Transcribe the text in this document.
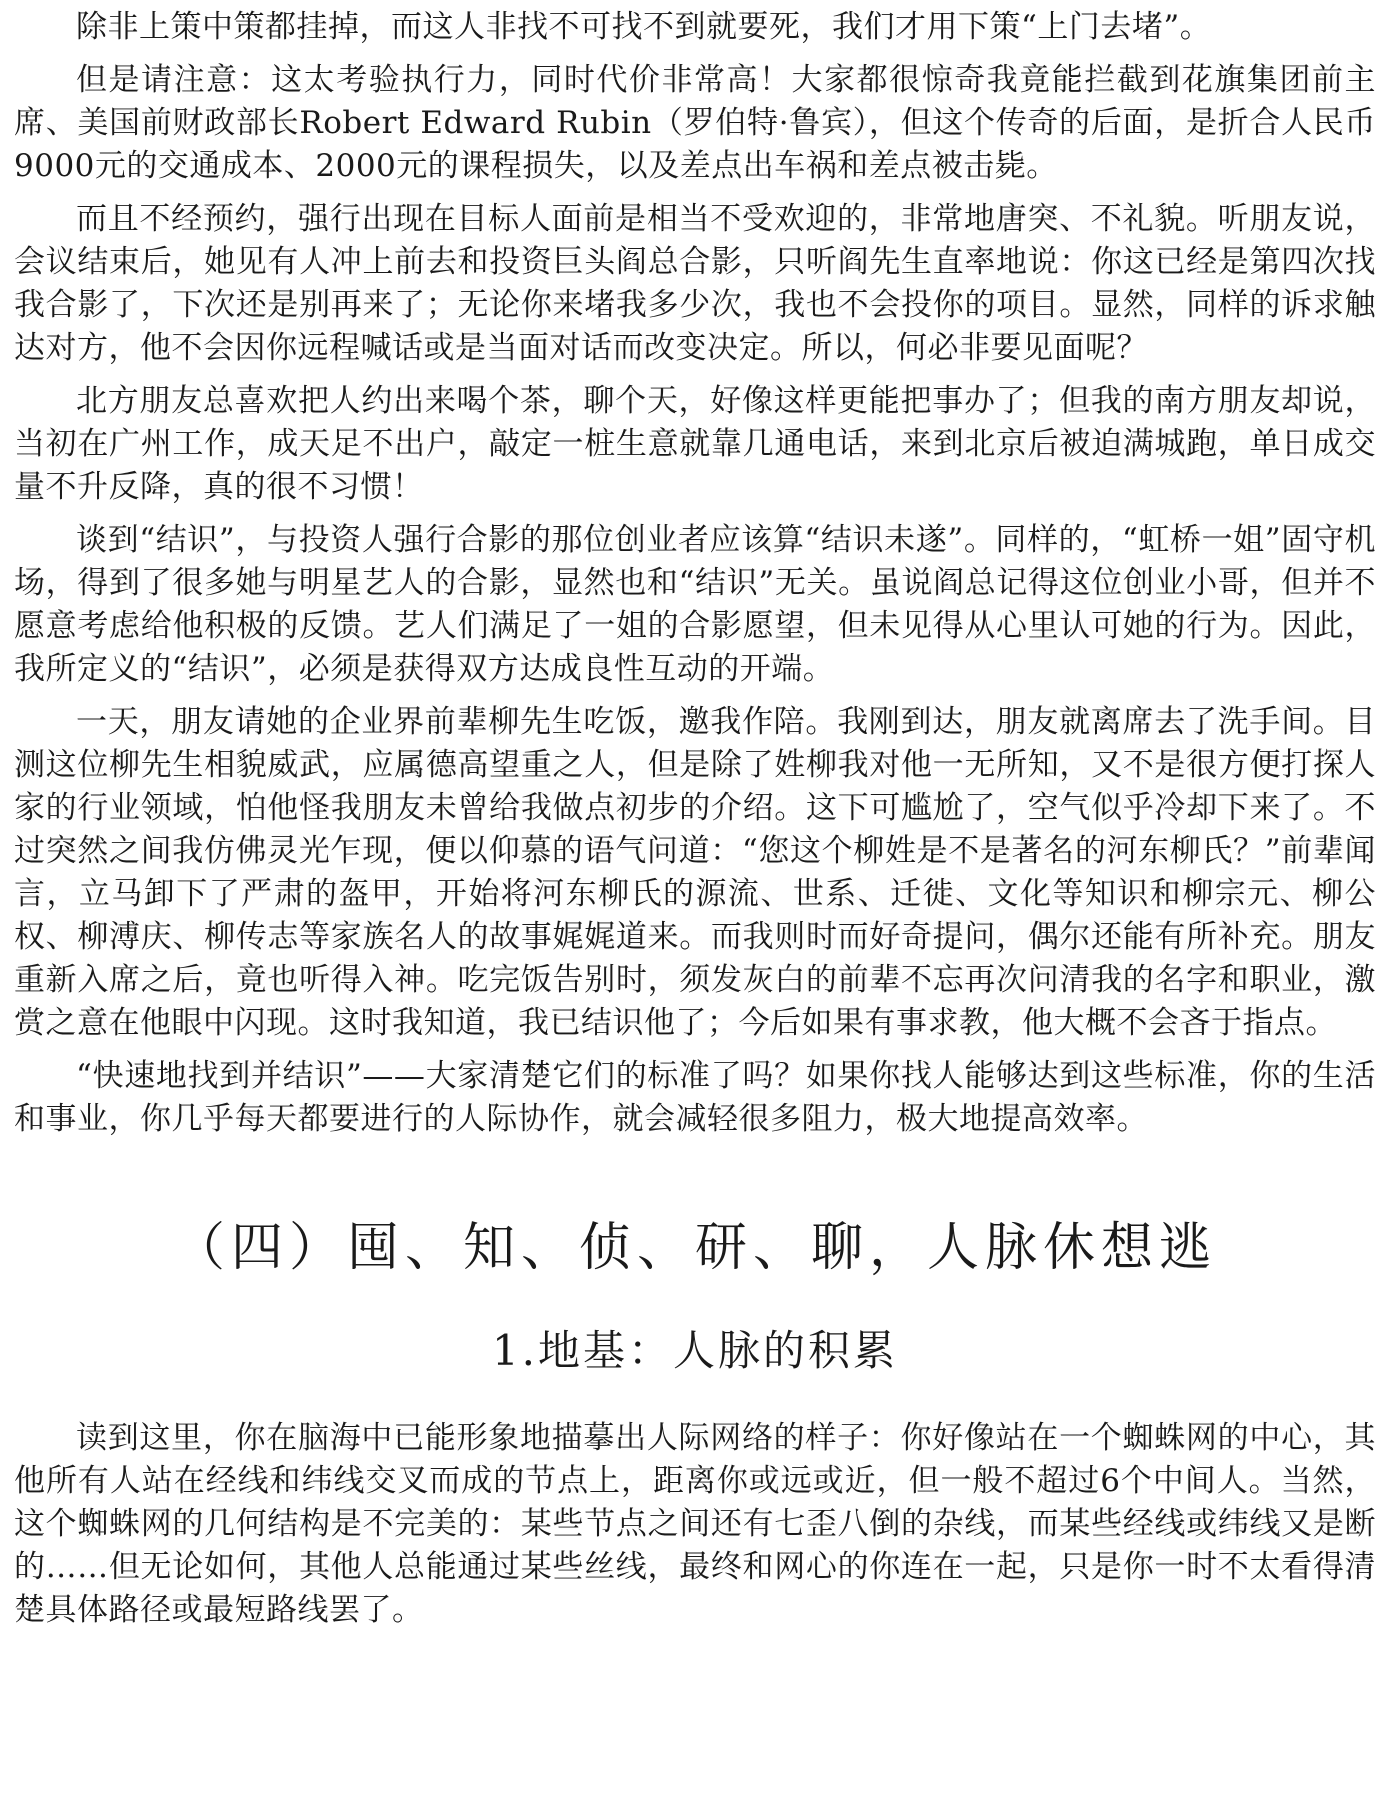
除非上策中策都挂掉，而这人非找不可找不到就要死，我们才用下策“上门去堵”。

但是请注意：这太考验执行力，同时代价非常高！大家都很惊奇我竟能拦截到花旗集团前主席、美国前财政部长Robert Edward Rubin（罗伯特·鲁宾），但这个传奇的后面，是折合人民币9000元的交通成本、2000元的课程损失，以及差点出车祸和差点被击毙。

而且不经预约，强行出现在目标人面前是相当不受欢迎的，非常地唐突、不礼貌。听朋友说，会议结束后，她见有人冲上前去和投资巨头阎总合影，只听阎先生直率地说：你这已经是第四次找我合影了，下次还是别再来了；无论你来堵我多少次，我也不会投你的项目。显然，同样的诉求触达对方，他不会因你远程喊话或是当面对话而改变决定。所以，何必非要见面呢？

北方朋友总喜欢把人约出来喝个茶，聊个天，好像这样更能把事办了；但我的南方朋友却说，当初在广州工作，成天足不出户，敲定一桩生意就靠几通电话，来到北京后被迫满城跑，单日成交量不升反降，真的很不习惯！

谈到“结识”，与投资人强行合影的那位创业者应该算“结识未遂”。同样的，“虹桥一姐”固守机场，得到了很多她与明星艺人的合影，显然也和“结识”无关。虽说阎总记得这位创业小哥，但并不愿意考虑给他积极的反馈。艺人们满足了一姐的合影愿望，但未见得从心里认可她的行为。因此，我所定义的“结识”，必须是获得双方达成良性互动的开端。

一天，朋友请她的企业界前辈柳先生吃饭，邀我作陪。我刚到达，朋友就离席去了洗手间。目测这位柳先生相貌威武，应属德高望重之人，但是除了姓柳我对他一无所知，又不是很方便打探人家的行业领域，怕他怪我朋友未曾给我做点初步的介绍。这下可尴尬了，空气似乎冷却下来了。不过突然之间我仿佛灵光乍现，便以仰慕的语气问道：“您这个柳姓是不是著名的河东柳氏？”前辈闻言，立马卸下了严肃的盔甲，开始将河东柳氏的源流、世系、迁徙、文化等知识和柳宗元、柳公权、柳溥庆、柳传志等家族名人的故事娓娓道来。而我则时而好奇提问，偶尔还能有所补充。朋友重新入席之后，竟也听得入神。吃完饭告别时，须发灰白的前辈不忘再次问清我的名字和职业，激赏之意在他眼中闪现。这时我知道，我已结识他了；今后如果有事求教，他大概不会吝于指点。

“快速地找到并结识”——大家清楚它们的标准了吗？如果你找人能够达到这些标准，你的生活和事业，你几乎每天都要进行的人际协作，就会减轻很多阻力，极大地提高效率。

（四）囤、知、侦、研、聊，人脉休想逃
1.地基：人脉的积累

读到这里，你在脑海中已能形象地描摹出人际网络的样子：你好像站在一个蜘蛛网的中心，其他所有人站在经线和纬线交叉而成的节点上，距离你或远或近，但一般不超过6个中间人。当然，这个蜘蛛网的几何结构是不完美的：某些节点之间还有七歪八倒的杂线，而某些经线或纬线又是断的……但无论如何，其他人总能通过某些丝线，最终和网心的你连在一起，只是你一时不太看得清楚具体路径或最短路线罢了。
